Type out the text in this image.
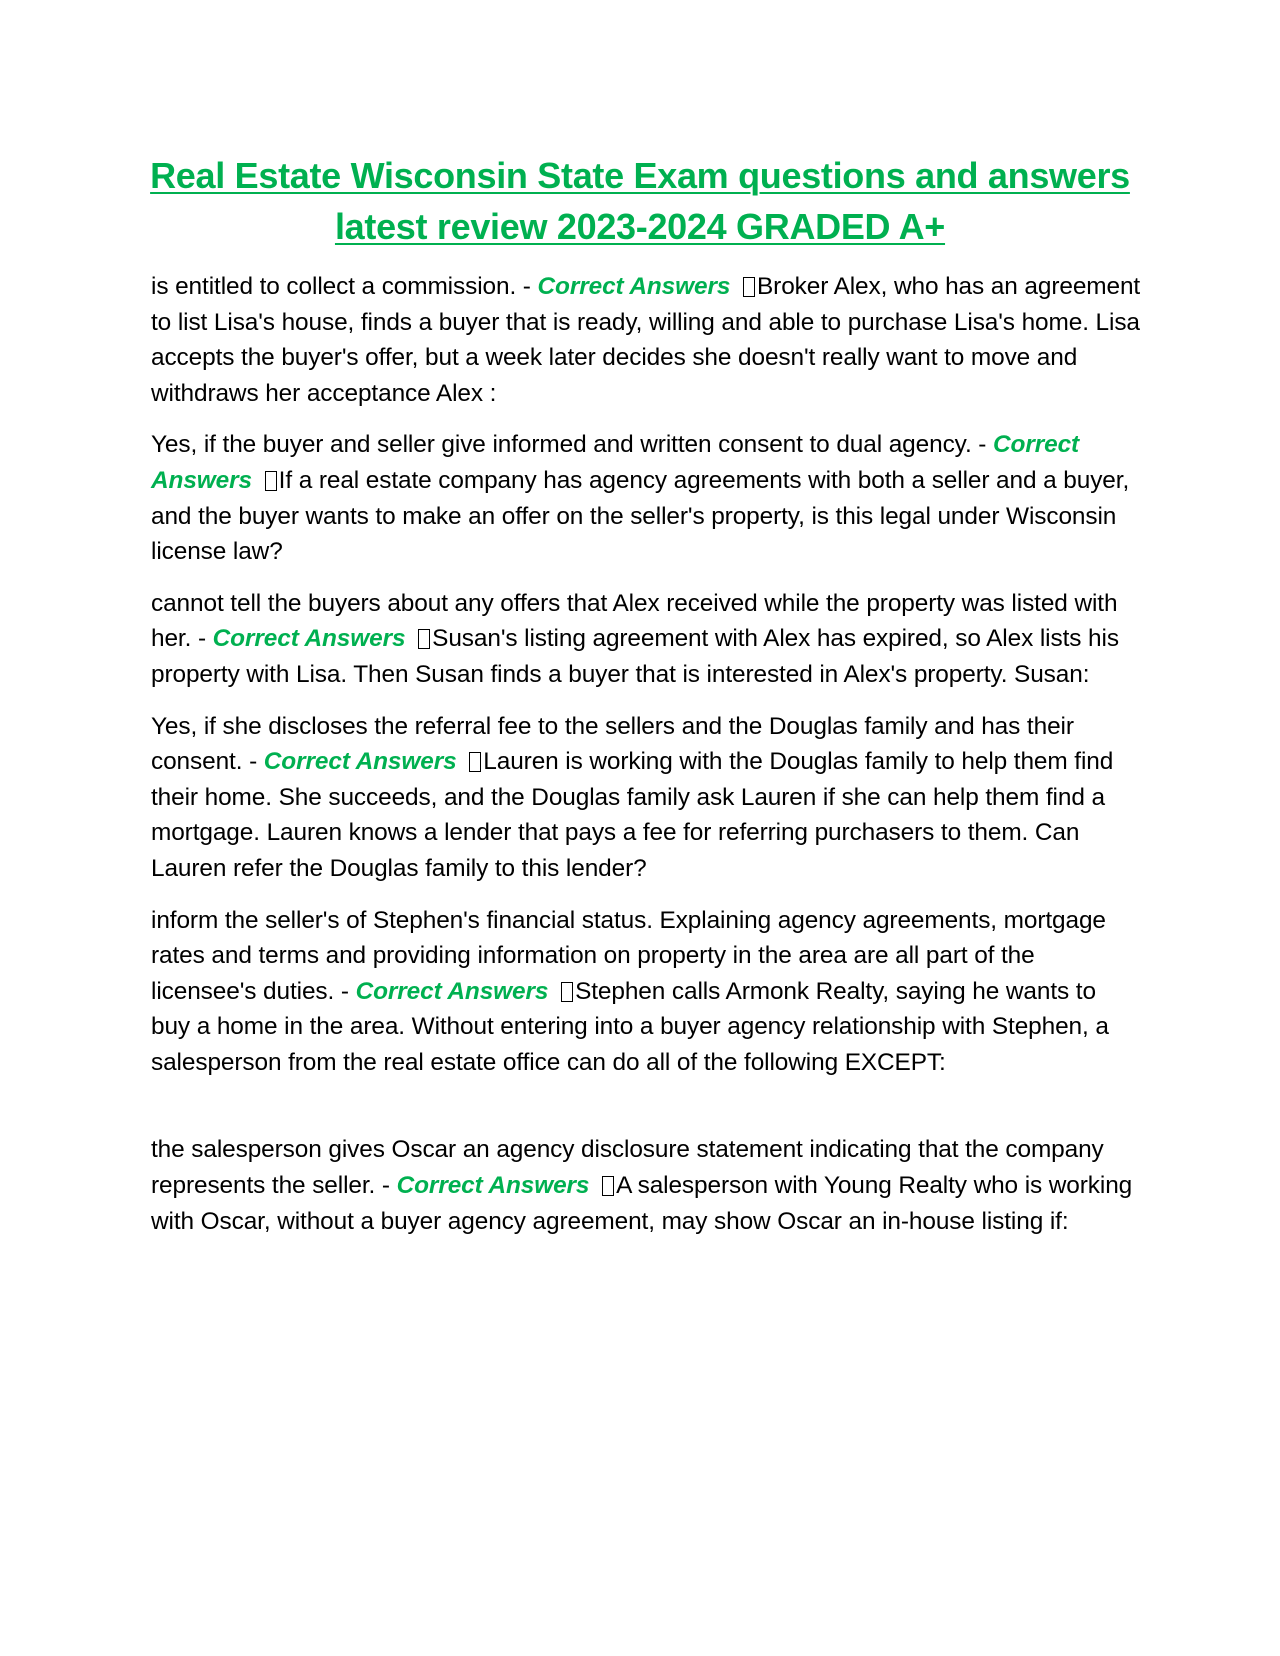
Real Estate Wisconsin State Exam questions and answers latest review 2023-2024 GRADED A+

is entitled to collect a commission. - Correct Answers Broker Alex, who has an agreement to list Lisa's house, finds a buyer that is ready, willing and able to purchase Lisa's home. Lisa accepts the buyer's offer, but a week later decides she doesn't really want to move and withdraws her acceptance Alex :

Yes, if the buyer and seller give informed and written consent to dual agency. - Correct Answers If a real estate company has agency agreements with both a seller and a buyer, and the buyer wants to make an offer on the seller's property, is this legal under Wisconsin license law?

cannot tell the buyers about any offers that Alex received while the property was listed with her. - Correct Answers Susan's listing agreement with Alex has expired, so Alex lists his property with Lisa. Then Susan finds a buyer that is interested in Alex's property. Susan:

Yes, if she discloses the referral fee to the sellers and the Douglas family and has their consent. - Correct Answers Lauren is working with the Douglas family to help them find their home. She succeeds, and the Douglas family ask Lauren if she can help them find a mortgage. Lauren knows a lender that pays a fee for referring purchasers to them. Can Lauren refer the Douglas family to this lender?

inform the seller's of Stephen's financial status. Explaining agency agreements, mortgage rates and terms and providing information on property in the area are all part of the licensee's duties. - Correct Answers Stephen calls Armonk Realty, saying he wants to buy a home in the area. Without entering into a buyer agency relationship with Stephen, a salesperson from the real estate office can do all of the following EXCEPT:

the salesperson gives Oscar an agency disclosure statement indicating that the company represents the seller. - Correct Answers A salesperson with Young Realty who is working with Oscar, without a buyer agency agreement, may show Oscar an in-house listing if:
